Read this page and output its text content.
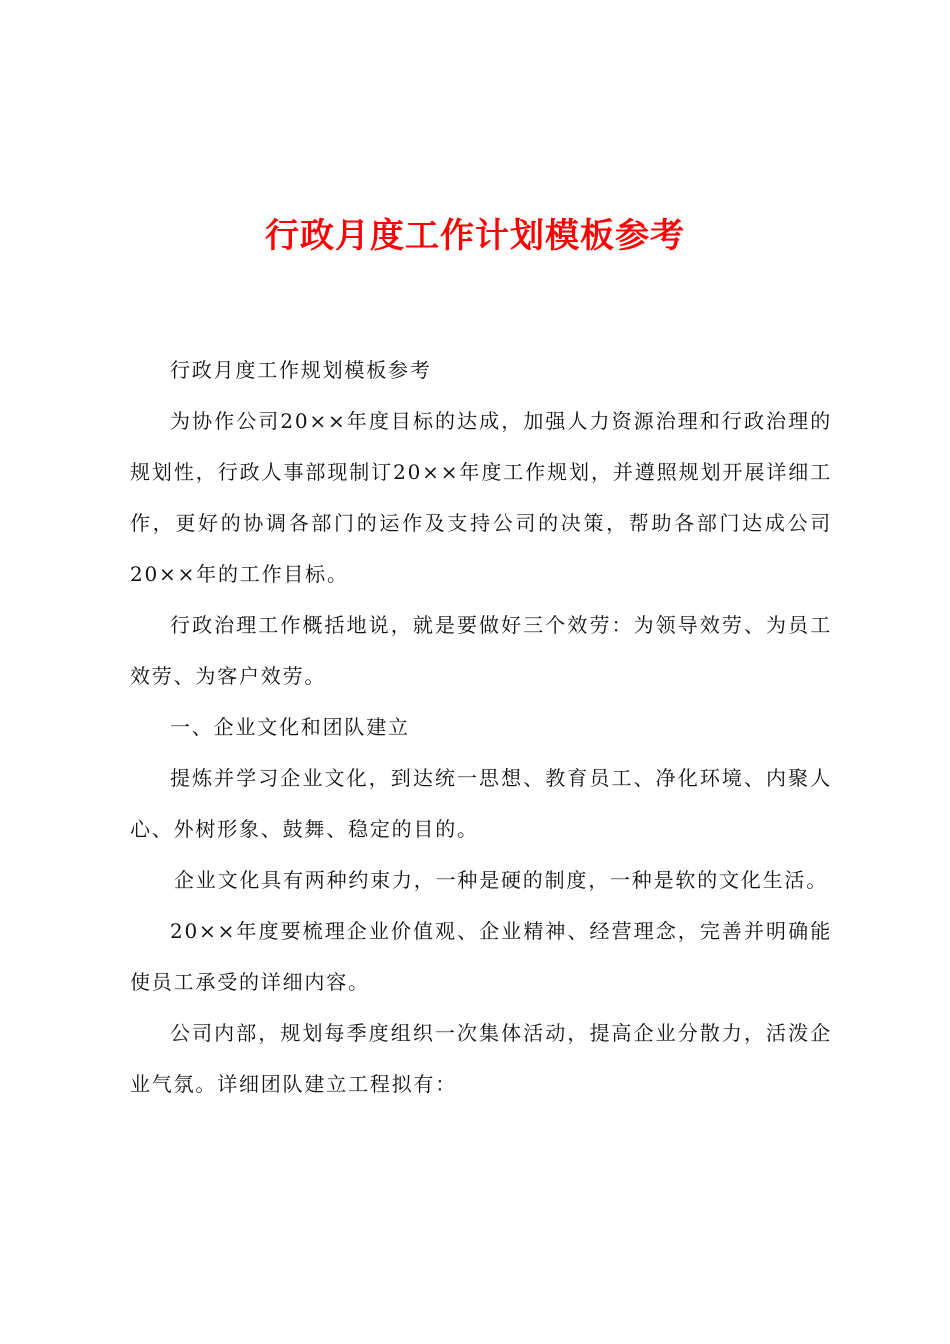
行政月度工作计划模板参考

行政月度工作规划模板参考

为协作公司20××年度目标的达成，加强人力资源治理和行政治理的规划性，行政人事部现制订20××年度工作规划，并遵照规划开展详细工作，更好的协调各部门的运作及支持公司的决策，帮助各部门达成公司20××年的工作目标。

行政治理工作概括地说，就是要做好三个效劳：为领导效劳、为员工效劳、为客户效劳。

一、企业文化和团队建立

提炼并学习企业文化，到达统一思想、教育员工、净化环境、内聚人心、外树形象、鼓舞、稳定的目的。

企业文化具有两种约束力，一种是硬的制度，一种是软的文化生活。

20××年度要梳理企业价值观、企业精神、经营理念，完善并明确能使员工承受的详细内容。

公司内部，规划每季度组织一次集体活动，提高企业分散力，活泼企业气氛。详细团队建立工程拟有：
